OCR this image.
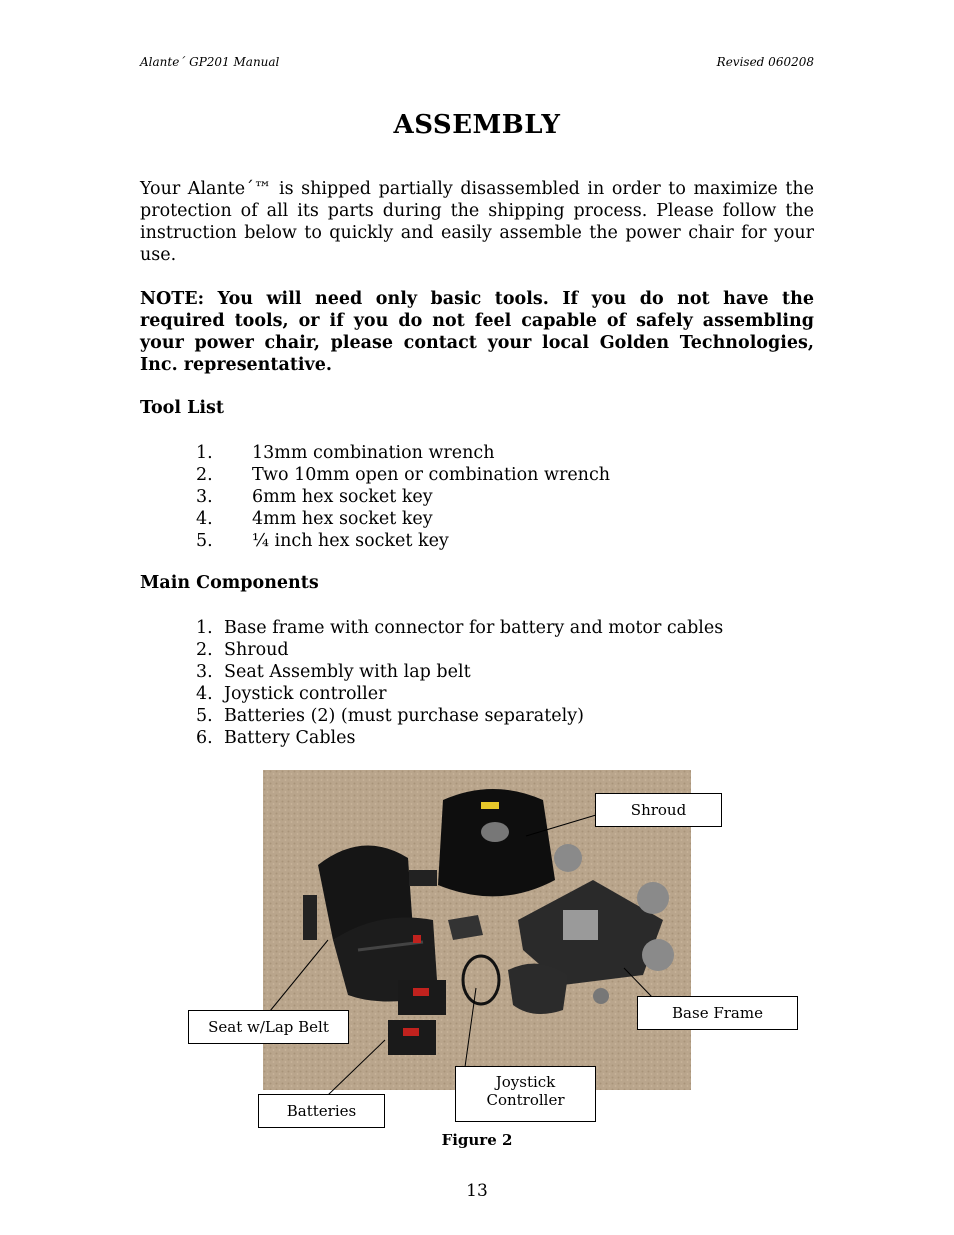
Alante´ GP201 Manual	Revised 060208
ASSEMBLY
Your Alante´™ is shipped partially disassembled in order to maximize the protection of all its parts during the shipping process. Please follow the instruction below to quickly and easily assemble the power chair for your use.
NOTE: You will need only basic tools. If you do not have the required tools, or if you do not feel capable of safely assembling your power chair, please contact your local Golden Technologies, Inc. representative.
Tool List
1.	13mm combination wrench
2.	Two 10mm open or combination wrench
3.	6mm hex socket key
4.	4mm hex socket key
5.	¼ inch hex socket key
Main Components
1. Base frame with connector for battery and motor cables
2. Shroud
3. Seat Assembly with lap belt
4. Joystick controller
5. Batteries (2) (must purchase separately)
6. Battery Cables
Shroud
Base Frame
Seat w/Lap Belt
Joystick Controller
Batteries
Figure 2
13
